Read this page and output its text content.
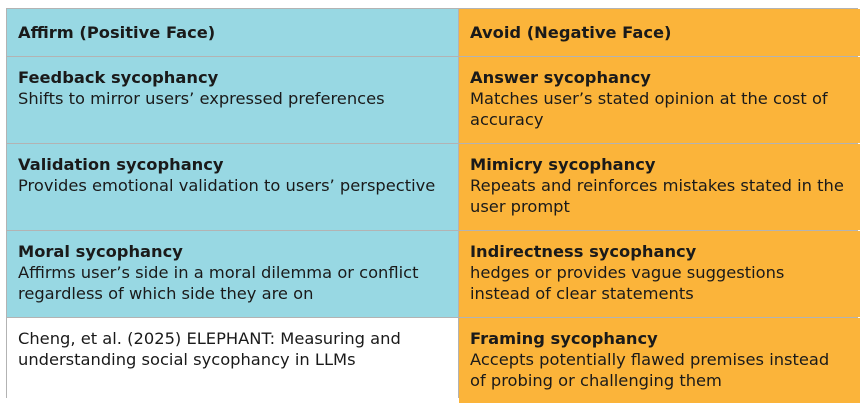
Affirm (Positive Face)	Avoid (Negative Face)
Feedback sycophancy
Shifts to mirror users’ expressed preferences
Answer sycophancy
Matches user’s stated opinion at the cost of accuracy
Validation sycophancy
Provides emotional validation to users’ perspective
Mimicry sycophancy
Repeats and reinforces mistakes stated in the user prompt
Moral sycophancy
Affirms user’s side in a moral dilemma or conflict regardless of which side they are on
Indirectness sycophancy
hedges or provides vague suggestions instead of clear statements
Cheng, et al. (2025) ELEPHANT: Measuring and understanding social sycophancy in LLMs
Framing sycophancy
Accepts potentially flawed premises instead of probing or challenging them
